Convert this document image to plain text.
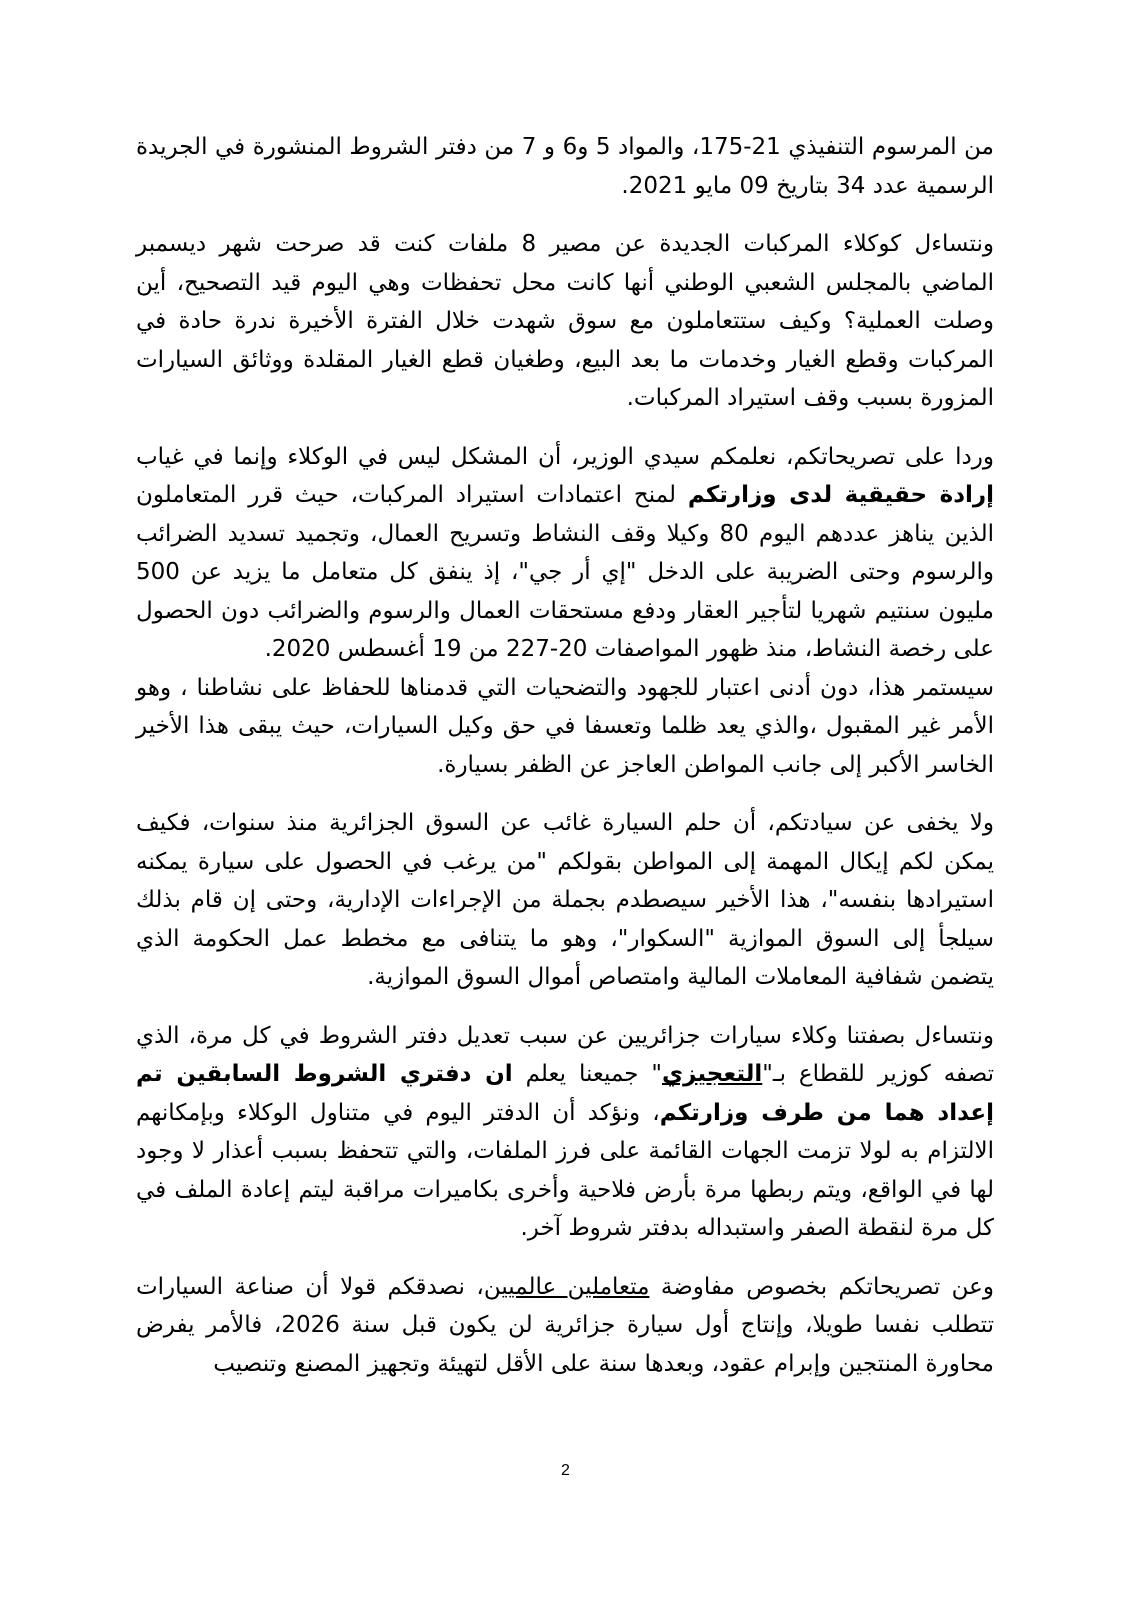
من المرسوم التنفيذي 21-175، والمواد 5 و6 و 7 من دفتر الشروط المنشورة في الجريدة الرسمية عدد 34 بتاريخ 09 مايو 2021.

ونتساءل كوكلاء المركبات الجديدة عن مصير 8 ملفات كنت قد صرحت شهر ديسمبر الماضي بالمجلس الشعبي الوطني أنها كانت محل تحفظات وهي اليوم قيد التصحيح، أين وصلت العملية؟ وكيف ستتعاملون مع سوق شهدت خلال الفترة الأخيرة ندرة حادة في المركبات وقطع الغيار وخدمات ما بعد البيع، وطغيان قطع الغيار المقلدة ووثائق السيارات المزورة بسبب وقف استيراد المركبات.

وردا على تصريحاتكم، نعلمكم سيدي الوزير، أن المشكل ليس في الوكلاء وإنما في غياب إرادة حقيقية لدى وزارتكم لمنح اعتمادات استيراد المركبات، حيث قرر المتعاملون الذين يناهز عددهم اليوم 80 وكيلا وقف النشاط وتسريح العمال، وتجميد تسديد الضرائب والرسوم وحتى الضريبة على الدخل "إي أر جي"، إذ ينفق كل متعامل ما يزيد عن 500 مليون سنتيم شهريا لتأجير العقار ودفع مستحقات العمال والرسوم والضرائب دون الحصول على رخصة النشاط، منذ ظهور المواصفات 20-227 من 19 أغسطس 2020.

سيستمر هذا، دون أدنى اعتبار للجهود والتضحيات التي قدمناها للحفاظ على نشاطنا ، وهو الأمر غير المقبول ،والذي يعد ظلما وتعسفا في حق وكيل السيارات، حيث يبقى هذا الأخير الخاسر الأكبر إلى جانب المواطن العاجز عن الظفر بسيارة.

ولا يخفى عن سيادتكم، أن حلم السيارة غائب عن السوق الجزائرية منذ سنوات، فكيف يمكن لكم إيكال المهمة إلى المواطن بقولكم "من يرغب في الحصول على سيارة يمكنه استيرادها بنفسه"، هذا الأخير سيصطدم بجملة من الإجراءات الإدارية، وحتى إن قام بذلك سيلجأ إلى السوق الموازية "السكوار"، وهو ما يتنافى مع مخطط عمل الحكومة الذي يتضمن شفافية المعاملات المالية وامتصاص أموال السوق الموازية.

ونتساءل بصفتنا وكلاء سيارات جزائريين عن سبب تعديل دفتر الشروط في كل مرة، الذي تصفه كوزير للقطاع بـ"التعجيزي" جميعنا يعلم ان دفتري الشروط السابقين تم إعداد هما من طرف وزارتكم، ونؤكد أن الدفتر اليوم في متناول الوكلاء وبإمكانهم الالتزام به لولا تزمت الجهات القائمة على فرز الملفات، والتي تتحفظ بسبب أعذار لا وجود لها في الواقع، ويتم ربطها مرة بأرض فلاحية وأخرى بكاميرات مراقبة ليتم إعادة الملف في كل مرة لنقطة الصفر واستبداله بدفتر شروط آخر.

وعن تصريحاتكم بخصوص مفاوضة متعاملين عالميين، نصدقكم قولا أن صناعة السيارات تتطلب نفسا طويلا، وإنتاج أول سيارة جزائرية لن يكون قبل سنة 2026، فالأمر يفرض محاورة المنتجين وإبرام عقود، وبعدها سنة على الأقل لتهيئة وتجهيز المصنع وتنصيب

2
